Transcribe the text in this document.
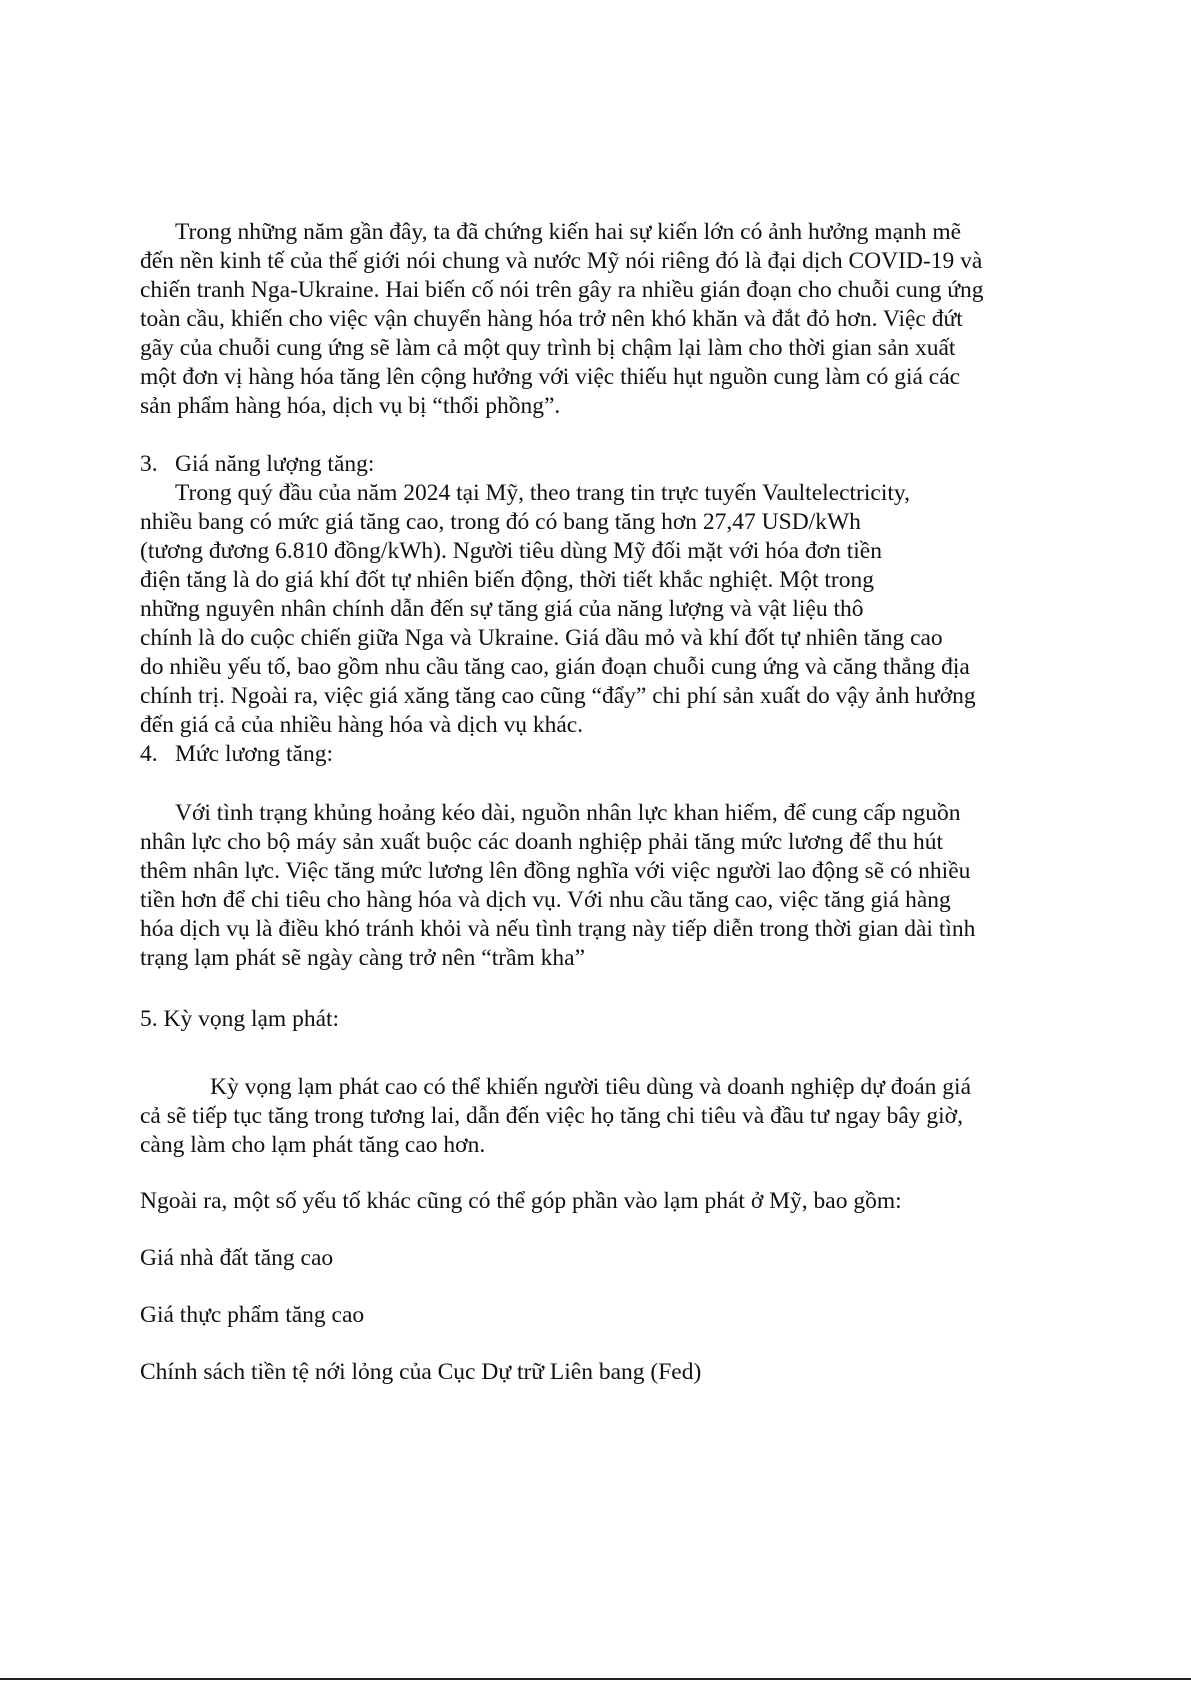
Trong những năm gần đây, ta đã chứng kiến hai sự kiến lớn có ảnh hưởng mạnh mẽ

đến nền kinh tế của thế giới nói chung và nước Mỹ nói riêng đó là đại dịch COVID-19 và

chiến tranh Nga-Ukraine. Hai biến cố nói trên gây ra nhiều gián đoạn cho chuỗi cung ứng

toàn cầu, khiến cho việc vận chuyển hàng hóa trở nên khó khăn và đắt đỏ hơn. Việc đứt

gãy của chuỗi cung ứng sẽ làm cả một quy trình bị chậm lại làm cho thời gian sản xuất

một đơn vị hàng hóa tăng lên cộng hưởng với việc thiếu hụt nguồn cung làm có giá các

sản phẩm hàng hóa, dịch vụ bị “thổi phồng”.

3. Giá năng lượng tăng:

Trong quý đầu của năm 2024 tại Mỹ, theo trang tin trực tuyến Vaultelectricity,

nhiều bang có mức giá tăng cao, trong đó có bang tăng hơn 27,47 USD/kWh

(tương đương 6.810 đồng/kWh). Người tiêu dùng Mỹ đối mặt với hóa đơn tiền

điện tăng là do giá khí đốt tự nhiên biến động, thời tiết khắc nghiệt. Một trong

những nguyên nhân chính dẫn đến sự tăng giá của năng lượng và vật liệu thô

chính là do cuộc chiến giữa Nga và Ukraine. Giá dầu mỏ và khí đốt tự nhiên tăng cao

do nhiều yếu tố, bao gồm nhu cầu tăng cao, gián đoạn chuỗi cung ứng và căng thẳng địa

chính trị. Ngoài ra, việc giá xăng tăng cao cũng “đẩy” chi phí sản xuất do vậy ảnh hưởng

đến giá cả của nhiều hàng hóa và dịch vụ khác.

4. Mức lương tăng:

Với tình trạng khủng hoảng kéo dài, nguồn nhân lực khan hiếm, để cung cấp nguồn

nhân lực cho bộ máy sản xuất buộc các doanh nghiệp phải tăng mức lương để thu hút

thêm nhân lực. Việc tăng mức lương lên đồng nghĩa với việc người lao động sẽ có nhiều

tiền hơn để chi tiêu cho hàng hóa và dịch vụ. Với nhu cầu tăng cao, việc tăng giá hàng

hóa dịch vụ là điều khó tránh khỏi và nếu tình trạng này tiếp diễn trong thời gian dài tình

trạng lạm phát sẽ ngày càng trở nên “trầm kha”

5. Kỳ vọng lạm phát:

Kỳ vọng lạm phát cao có thể khiến người tiêu dùng và doanh nghiệp dự đoán giá

cả sẽ tiếp tục tăng trong tương lai, dẫn đến việc họ tăng chi tiêu và đầu tư ngay bây giờ,

càng làm cho lạm phát tăng cao hơn.

Ngoài ra, một số yếu tố khác cũng có thể góp phần vào lạm phát ở Mỹ, bao gồm:

Giá nhà đất tăng cao

Giá thực phẩm tăng cao

Chính sách tiền tệ nới lỏng của Cục Dự trữ Liên bang (Fed)
